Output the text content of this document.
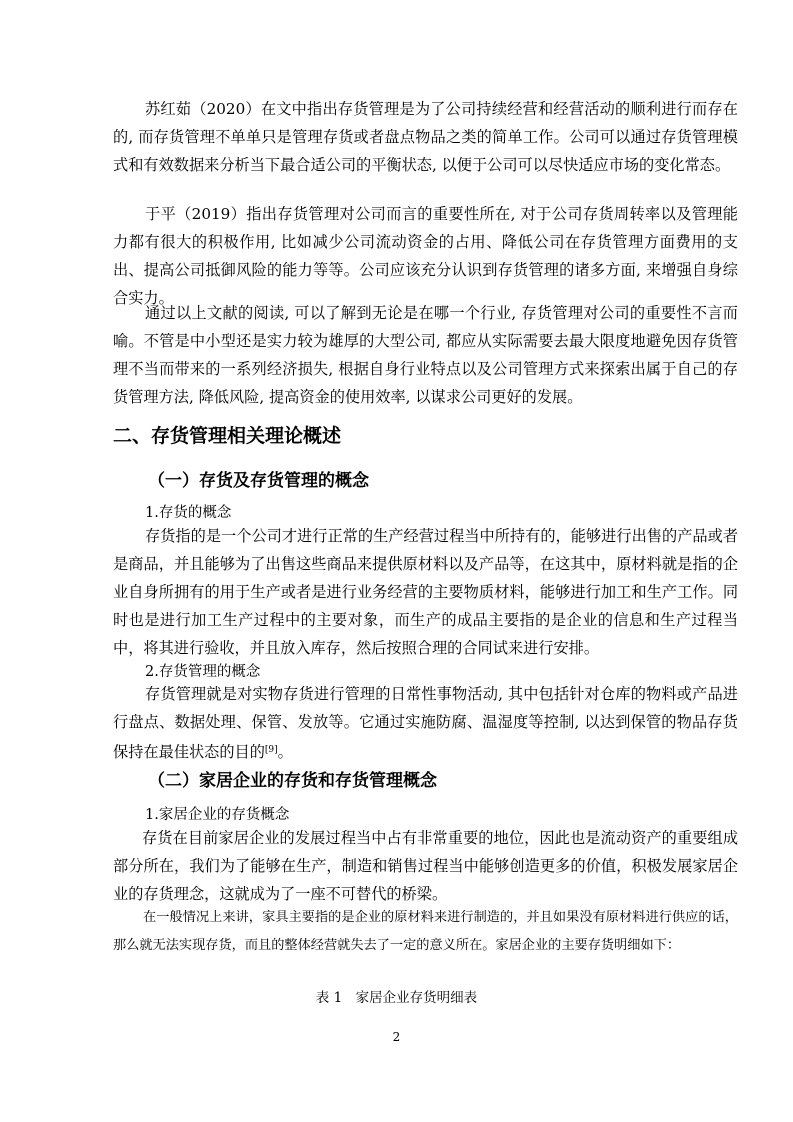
苏红茹（2020）在文中指出存货管理是为了公司持续经营和经营活动的顺利进行而存在的, 而存货管理不单单只是管理存货或者盘点物品之类的简单工作。公司可以通过存货管理模式和有效数据来分析当下最合适公司的平衡状态, 以便于公司可以尽快适应市场的变化常态。

于平（2019）指出存货管理对公司而言的重要性所在, 对于公司存货周转率以及管理能力都有很大的积极作用, 比如减少公司流动资金的占用、降低公司在存货管理方面费用的支出、提高公司抵御风险的能力等等。公司应该充分认识到存货管理的诸多方面, 来增强自身综合实力。

通过以上文献的阅读, 可以了解到无论是在哪一个行业, 存货管理对公司的重要性不言而喻。不管是中小型还是实力较为雄厚的大型公司, 都应从实际需要去最大限度地避免因存货管理不当而带来的一系列经济损失, 根据自身行业特点以及公司管理方式来探索出属于自己的存货管理方法, 降低风险, 提高资金的使用效率, 以谋求公司更好的发展。

二、存货管理相关理论概述
（一）存货及存货管理的概念

1.存货的概念

存货指的是一个公司才进行正常的生产经营过程当中所持有的，能够进行出售的产品或者是商品，并且能够为了出售这些商品来提供原材料以及产品等，在这其中，原材料就是指的企业自身所拥有的用于生产或者是进行业务经营的主要物质材料，能够进行加工和生产工作。同时也是进行加工生产过程中的主要对象，而生产的成品主要指的是企业的信息和生产过程当中，将其进行验收，并且放入库存，然后按照合理的合同试来进行安排。

2.存货管理的概念

存货管理就是对实物存货进行管理的日常性事物活动, 其中包括针对仓库的物料或产品进行盘点、数据处理、保管、发放等。它通过实施防腐、温湿度等控制, 以达到保管的物品存货保持在最佳状态的目的[9]。

（二）家居企业的存货和存货管理概念

1.家居企业的存货概念

存货在目前家居企业的发展过程当中占有非常重要的地位，因此也是流动资产的重要组成部分所在，我们为了能够在生产，制造和销售过程当中能够创造更多的价值，积极发展家居企业的存货理念，这就成为了一座不可替代的桥梁。

在一般情况上来讲，家具主要指的是企业的原材料来进行制造的，并且如果没有原材料进行供应的话，那么就无法实现存货，而且的整体经营就失去了一定的意义所在。家居企业的主要存货明细如下：

表 1　家居企业存货明细表

2
